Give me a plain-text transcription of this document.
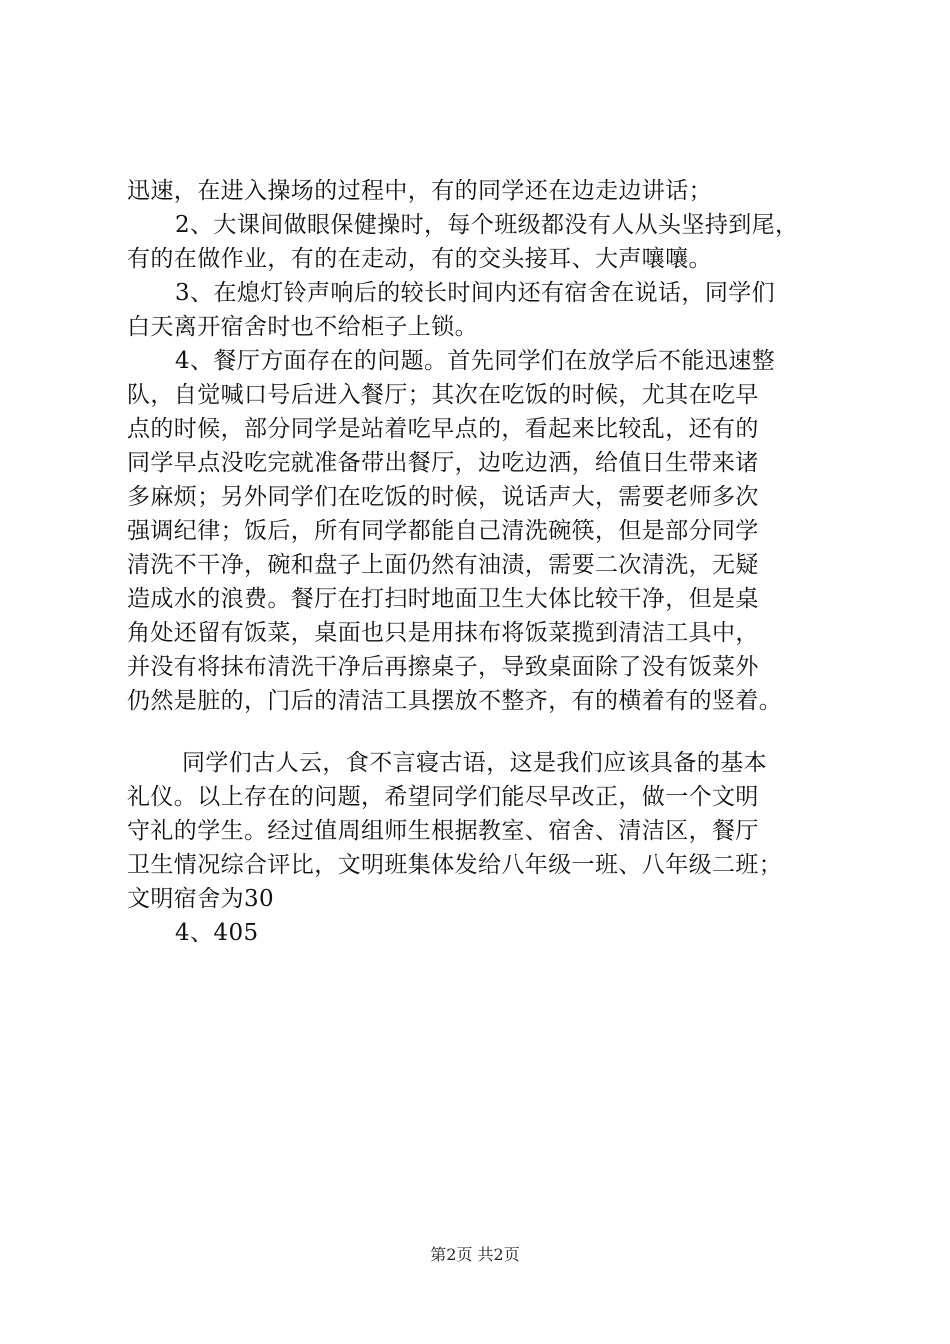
迅速，在进入操场的过程中，有的同学还在边走边讲话；
2、大课间做眼保健操时，每个班级都没有人从头坚持到尾，
有的在做作业，有的在走动，有的交头接耳、大声嚷嚷。
3、在熄灯铃声响后的较长时间内还有宿舍在说话，同学们
白天离开宿舍时也不给柜子上锁。
4、餐厅方面存在的问题。首先同学们在放学后不能迅速整
队，自觉喊口号后进入餐厅；其次在吃饭的时候，尤其在吃早
点的时候，部分同学是站着吃早点的，看起来比较乱，还有的
同学早点没吃完就准备带出餐厅，边吃边洒，给值日生带来诸
多麻烦；另外同学们在吃饭的时候，说话声大，需要老师多次
强调纪律；饭后，所有同学都能自己清洗碗筷，但是部分同学
清洗不干净，碗和盘子上面仍然有油渍，需要二次清洗，无疑
造成水的浪费。餐厅在打扫时地面卫生大体比较干净，但是桌
角处还留有饭菜，桌面也只是用抹布将饭菜揽到清洁工具中，
并没有将抹布清洗干净后再擦桌子，导致桌面除了没有饭菜外
仍然是脏的，门后的清洁工具摆放不整齐，有的横着有的竖着。
同学们古人云，食不言寝古语，这是我们应该具备的基本
礼仪。以上存在的问题，希望同学们能尽早改正，做一个文明
守礼的学生。经过值周组师生根据教室、宿舍、清洁区，餐厅
卫生情况综合评比，文明班集体发给八年级一班、八年级二班；
文明宿舍为30
4、405
第2页 共2页
